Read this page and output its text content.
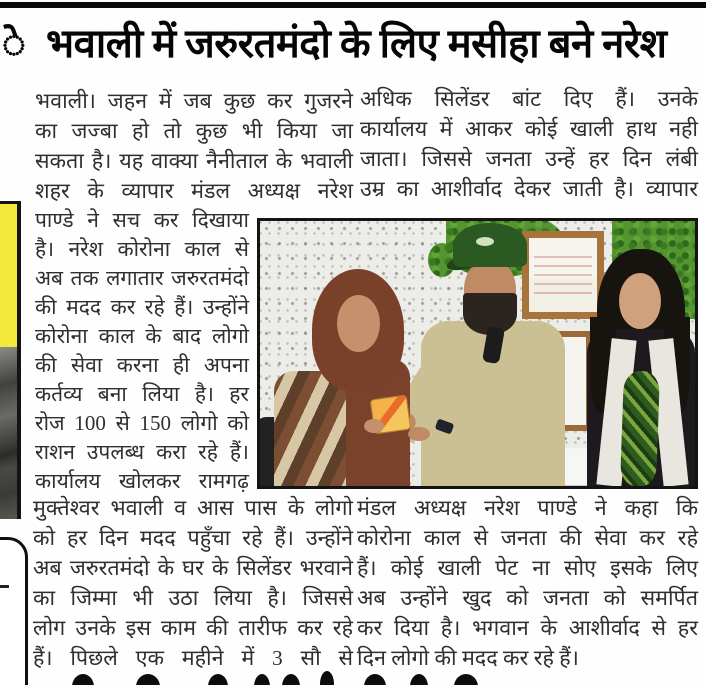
े भवाली में जरुरतमंदो के लिए मसीहा बने नरेश
भवाली। जहन में जब कुछ कर गुजरने
का जज्बा हो तो कुछ भी किया जा
सकता है। यह वाक्या नैनीताल के भवाली
शहर के व्यापार मंडल अध्यक्ष नरेश
पाण्डे ने सच कर दिखाया
है। नरेश कोरोना काल से
अब तक लगातार जरुरतमंदो
की मदद कर रहे हैं। उन्होंने
कोरोना काल के बाद लोगो
की सेवा करना ही अपना
कर्तव्य बना लिया है। हर
रोज 100 से 150 लोगो को
राशन उपलब्ध करा रहे हैं।
कार्यालय खोलकर रामगढ़
मुक्तेश्वर भवाली व आस पास के लोगो
को हर दिन मदद पहुँचा रहे हैं। उन्होंने
अब जरुरतमंदो के घर के सिलेंडर भरवाने
का जिम्मा भी उठा लिया है। जिससे
लोग उनके इस काम की तारीफ कर रहे
हैं। पिछले एक महीने में 3 सौ से
अधिक सिलेंडर बांट दिए हैं। उनके
कार्यालय में आकर कोई खाली हाथ नही
जाता। जिससे जनता उन्हें हर दिन लंबी
उम्र का आशीर्वाद देकर जाती है। व्यापार
मंडल अध्यक्ष नरेश पाण्डे ने कहा कि
कोरोना काल से जनता की सेवा कर रहे
हैं। कोई खाली पेट ना सोए इसके लिए
अब उन्होंने खुद को जनता को समर्पित
कर दिया है। भगवान के आशीर्वाद से हर
दिन लोगो की मदद कर रहे हैं।
